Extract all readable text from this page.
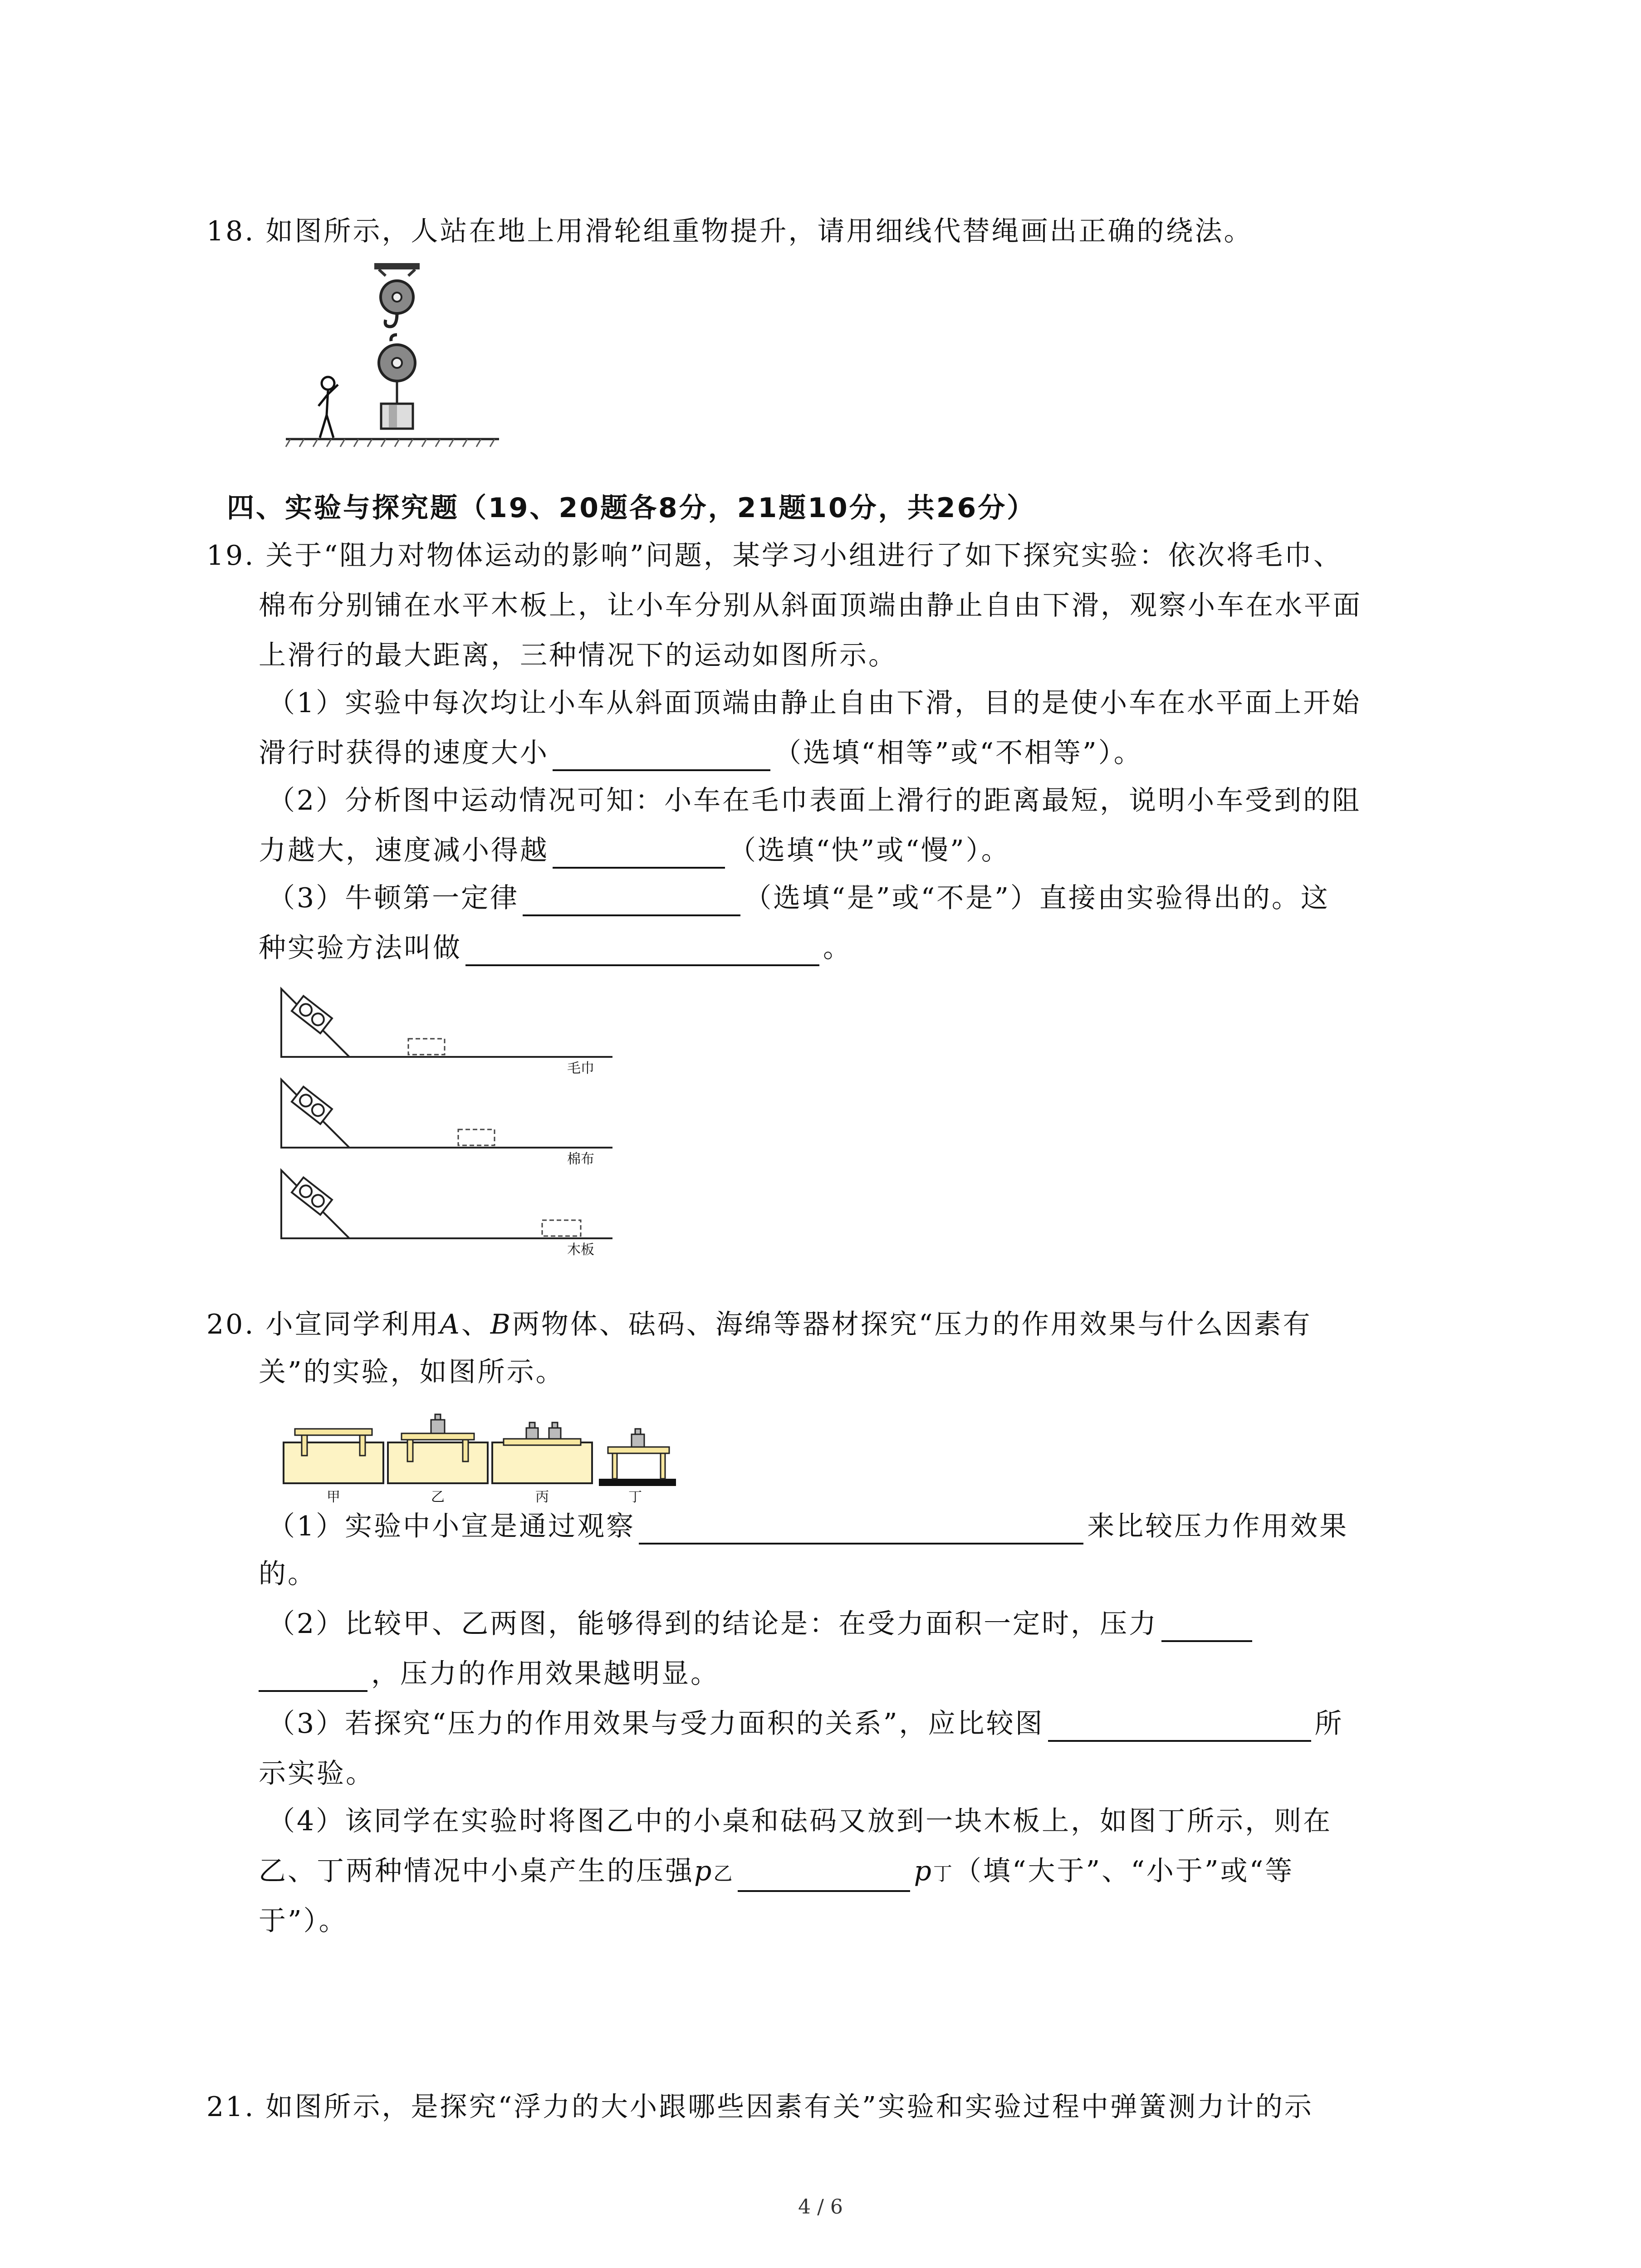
18. 如图所示，人站在地上用滑轮组重物提升，请用细线代替绳画出正确的绕法。
四、实验与探究题（19、20题各8分，21题10分，共26分）
19. 关于“阻力对物体运动的影响”问题，某学习小组进行了如下探究实验：依次将毛巾、
棉布分别铺在水平木板上，让小车分别从斜面顶端由静止自由下滑，观察小车在水平面
上滑行的最大距离，三种情况下的运动如图所示。
（1）实验中每次均让小车从斜面顶端由静止自由下滑，目的是使小车在水平面上开始
滑行时获得的速度大小	（选填“相等”或“不相等”）。
（2）分析图中运动情况可知：小车在毛巾表面上滑行的距离最短，说明小车受到的阻
力越大，速度减小得越	（选填“快”或“慢”）。
（3）牛顿第一定律	（选填“是”或“不是”）直接由实验得出的。这
种实验方法叫做	。
毛巾
棉布
木板
20. 小宣同学利用A、B两物体、砝码、海绵等器材探究“压力的作用效果与什么因素有
关”的实验，如图所示。
甲	乙	丙	丁
（1）实验中小宣是通过观察	来比较压力作用效果
的。
（2）比较甲、乙两图，能够得到的结论是：在受力面积一定时，压力
，压力的作用效果越明显。
（3）若探究“压力的作用效果与受力面积的关系”，应比较图	所
示实验。
（4）该同学在实验时将图乙中的小桌和砝码又放到一块木板上，如图丁所示，则在
乙、丁两种情况中小桌产生的压强p乙	p丁（填“大于”、“小于”或“等
于”）。
21. 如图所示，是探究“浮力的大小跟哪些因素有关”实验和实验过程中弹簧测力计的示
4 / 6
